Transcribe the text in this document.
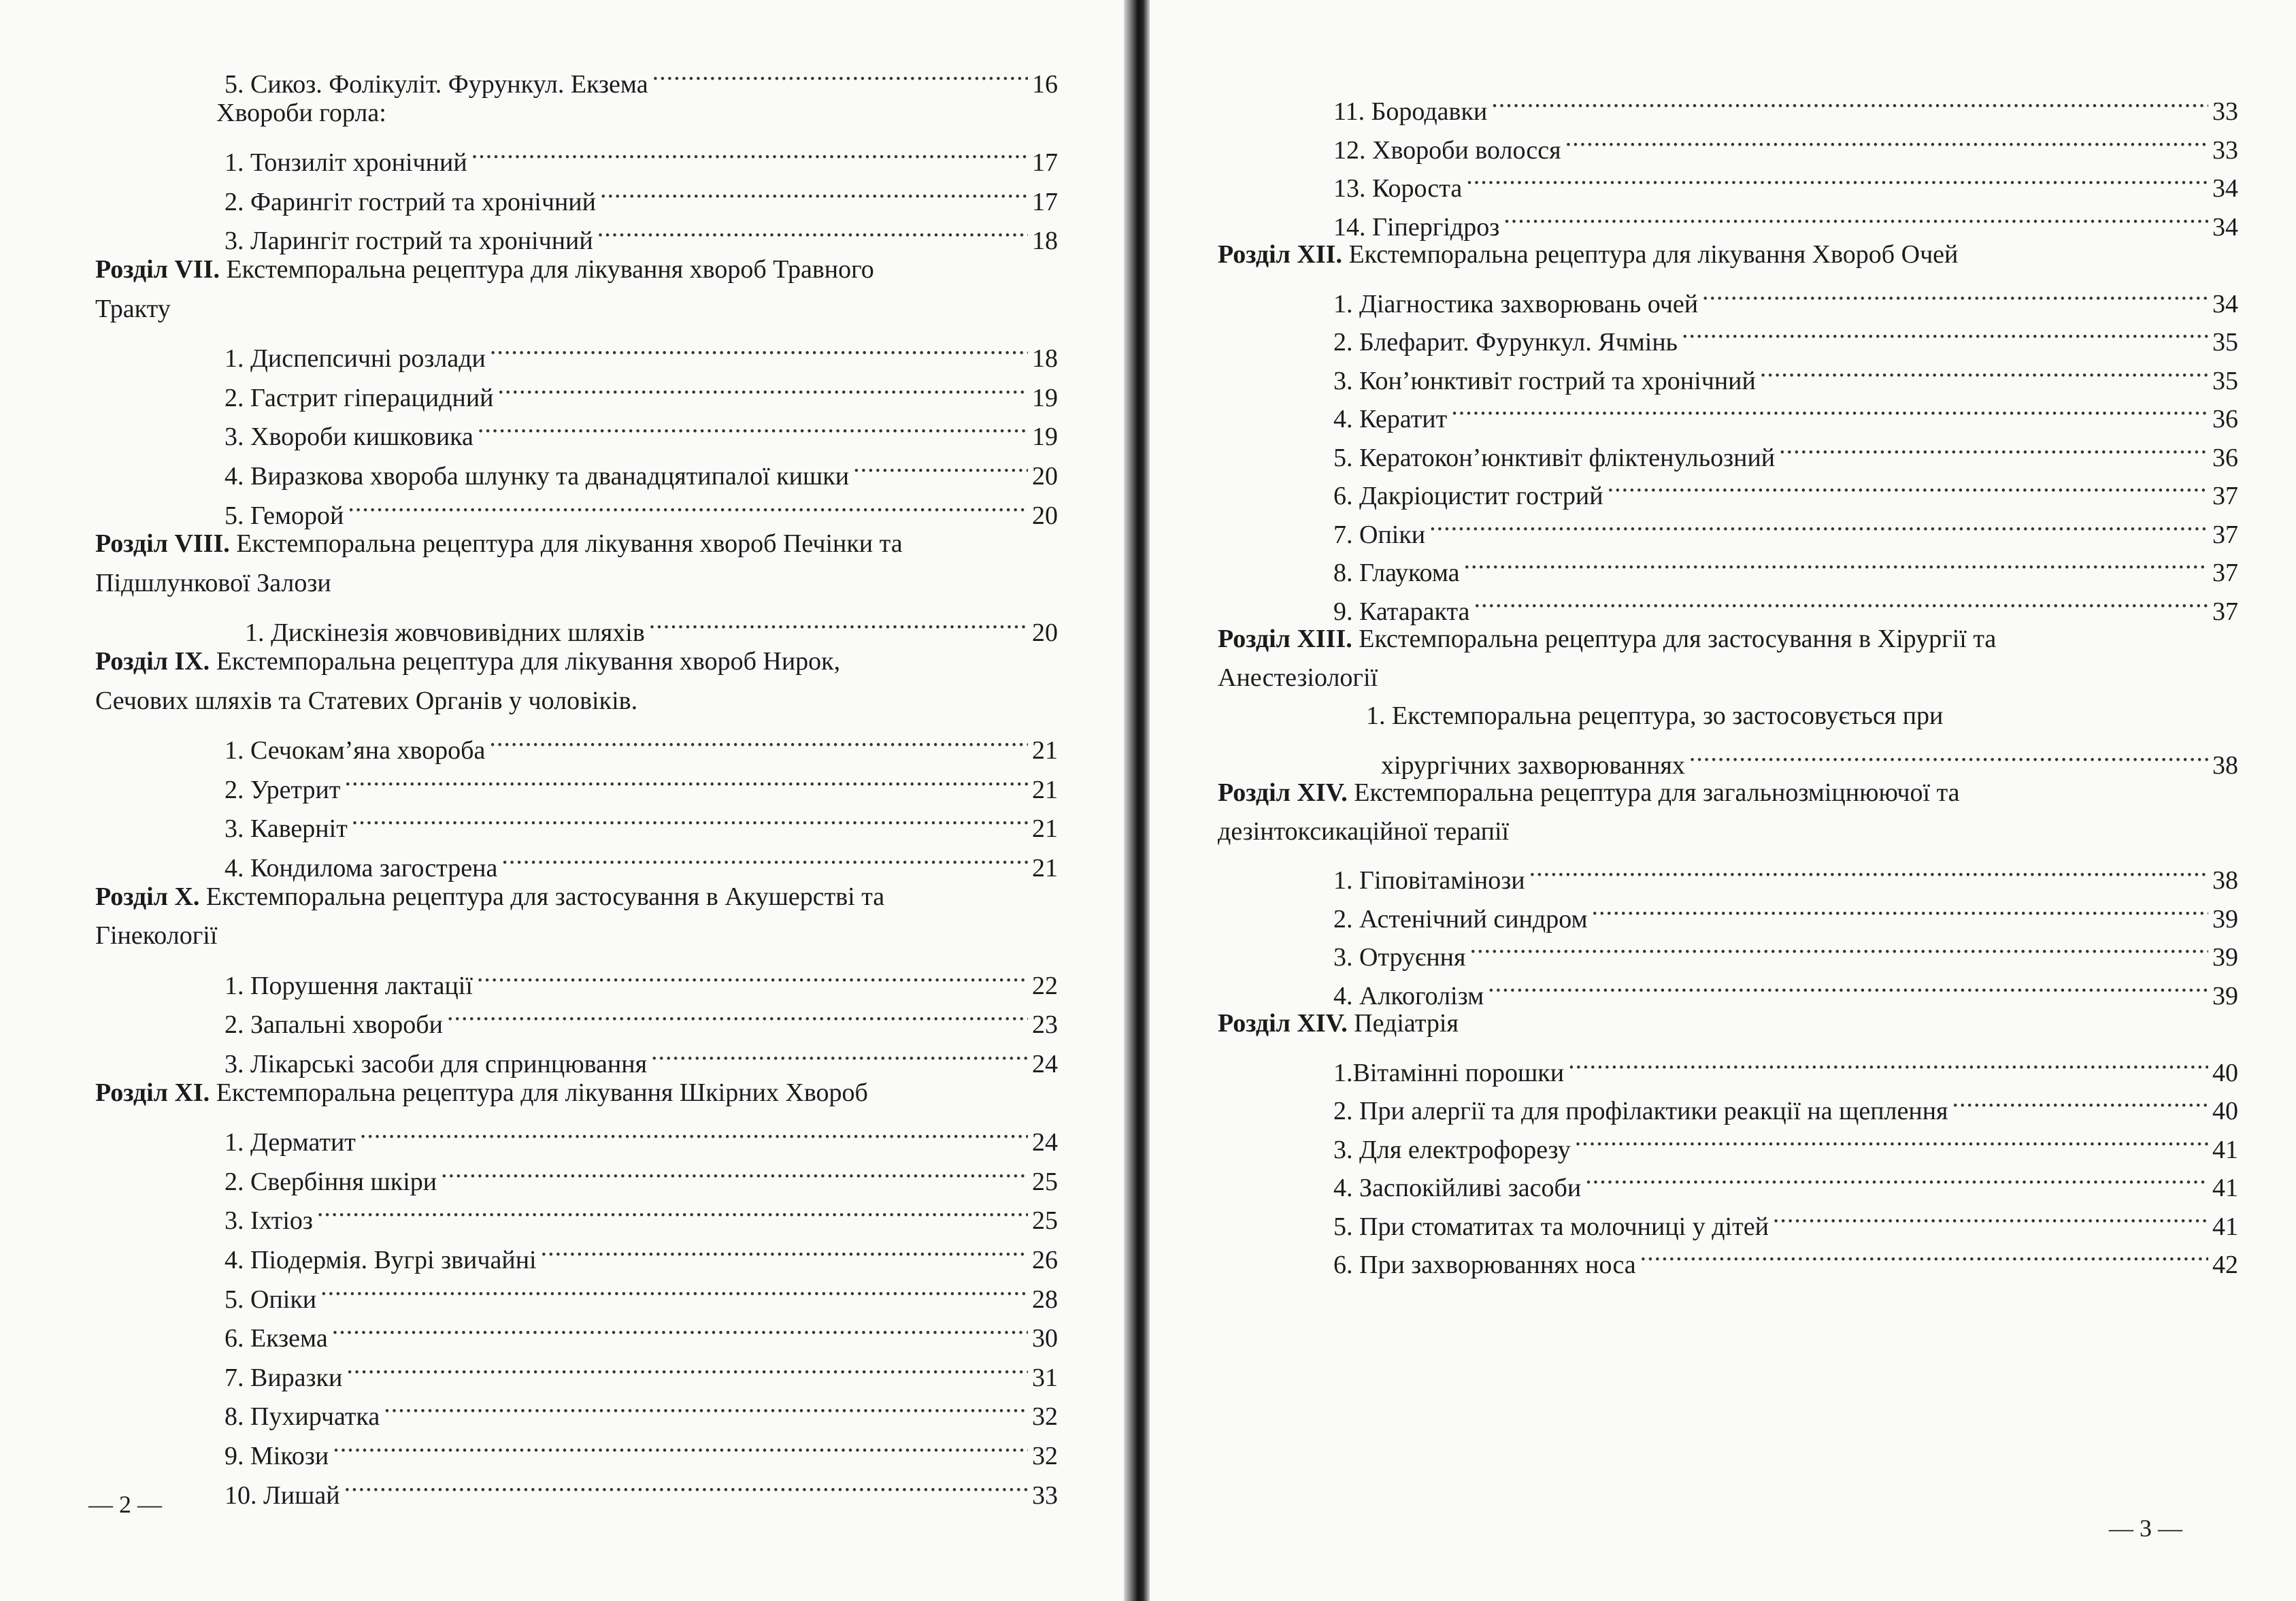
5. Сикоз. Фолікуліт. Фурункул. Екзема .....	16
Хвороби горла:
1. Тонзиліт хронічний .....	17
2. Фарингіт гострий та хронічний .....	17
3. Ларингіт гострий та хронічний .....	18
Розділ VII. Екстемпоральна рецептура для лікування хвороб Травного
Тракту
1. Диспепсичні розлади .....	18
2. Гастрит гіперацидний .....	19
3. Хвороби кишковика .....	19
4. Виразкова хвороба шлунку та дванадцятипалої кишки .....	20
5. Геморой .....	20
Розділ VIII. Екстемпоральна рецептура для лікування хвороб Печінки та
Підшлункової Залози
1. Дискінезія жовчовивідних шляхів .....	20
Розділ IX. Екстемпоральна рецептура для лікування хвороб Нирок,
Сечових шляхів та Статевих Органів у чоловіків.
1. Сечокам’яна хвороба .....	21
2. Уретрит .....	21
3. Каверніт .....	21
4. Кондилома загострена .....	21
Розділ X. Екстемпоральна рецептура для застосування в Акушерстві та
Гінекології
1. Порушення лактації .....	22
2. Запальні хвороби .....	23
3. Лікарські засоби для спринцювання .....	24
Розділ XI. Екстемпоральна рецептура для лікування Шкірних Хвороб
1. Дерматит .....	24
2. Свербіння шкіри .....	25
3. Іхтіоз .....	25
4. Піодермія. Вугрі звичайні .....	26
5. Опіки .....	28
6. Екзема .....	30
7. Виразки .....	31
8. Пухирчатка .....	32
9. Мікози .....	32
10. Лишай .....	33
— 2 —
11. Бородавки .....	33
12. Хвороби волосся .....	33
13. Короста .....	34
14. Гіпергідроз .....	34
Розділ XII. Екстемпоральна рецептура для лікування Хвороб Очей
1. Діагностика захворювань очей .....	34
2. Блефарит. Фурункул. Ячмінь .....	35
3. Кон’юнктивіт гострий та хронічний .....	35
4. Кератит .....	36
5. Кератокон’юнктивіт фліктенульозний .....	36
6. Дакріоцистит гострий .....	37
7. Опіки .....	37
8. Глаукома .....	37
9. Катаракта .....	37
Розділ XIII. Екстемпоральна рецептура для застосування в Хірургії та
Анестезіології
1. Екстемпоральна рецептура, зо застосовується при
хірургічних захворюваннях .....	38
Розділ XIV. Екстемпоральна рецептура для загальнозміцнюючої та
дезінтоксикаційної терапії
1. Гіповітамінози .....	38
2. Астенічний синдром .....	39
3. Отруєння .....	39
4. Алкоголізм .....	39
Розділ XIV. Педіатрія
1.Вітамінні порошки .....	40
2. При алергії та для профілактики реакції на щеплення .....	40
3. Для електрофорезу .....	41
4. Заспокійливі засоби .....	41
5. При стоматитах та молочниці у дітей .....	41
6. При захворюваннях носа .....	42
— 3 —
